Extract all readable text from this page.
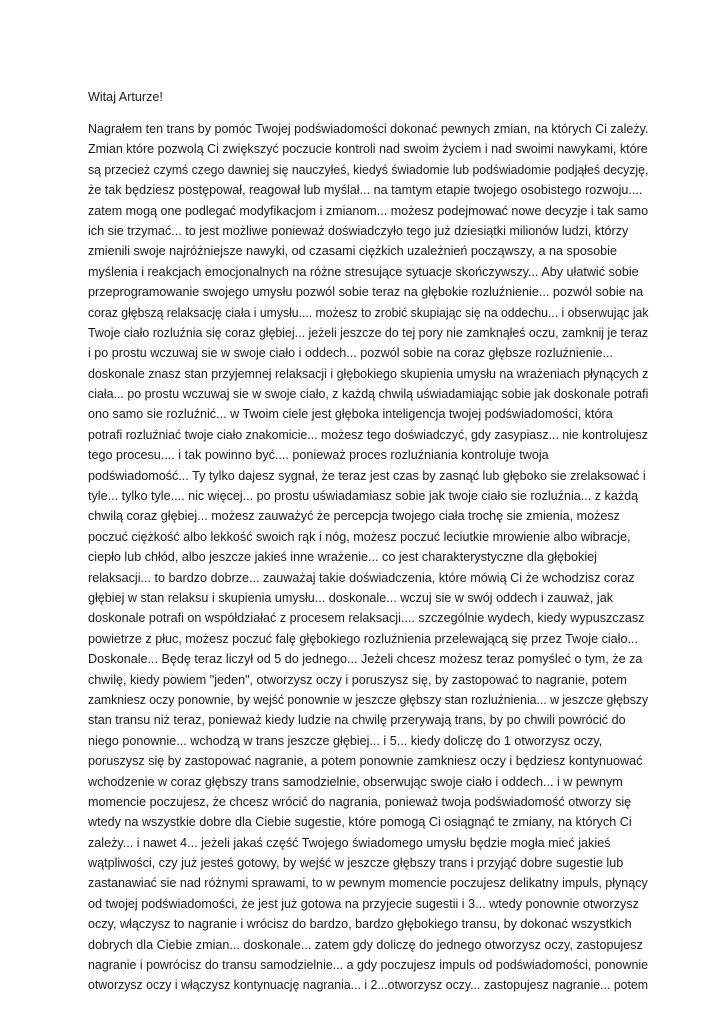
Witaj Arturze!
Nagrałem ten trans by pomóc Twojej podświadomości dokonać pewnych zmian, na których Ci zależy.
Zmian które pozwolą Ci zwiększyć poczucie kontroli nad swoim życiem i nad swoimi nawykami, które
są przecież czymś czego dawniej się nauczyłeś, kiedyś świadomie lub podświadomie podjąłeś decyzję,
że tak będziesz postępował, reagował lub myślał... na tamtym etapie twojego osobistego rozwoju....
zatem mogą one podlegać modyfikacjom i zmianom... możesz podejmować nowe decyzje i tak samo
ich sie trzymać... to jest możliwe ponieważ doświadczyło tego już dziesiątki milionów ludzi, którzy
zmienili swoje najróżniejsze nawyki, od czasami ciężkich uzależnień począwszy, a na sposobie
myślenia i reakcjach emocjonalnych na różne stresujące sytuacje skończywszy... Aby ułatwić sobie
przeprogramowanie swojego umysłu pozwól sobie teraz na głębokie rozluźnienie... pozwól sobie na
coraz głębszą relaksację ciała i umysłu.... możesz to zrobić skupiając się na oddechu... i obserwując jak
Twoje ciało rozluźnia się coraz głębiej... jeżeli jeszcze do tej pory nie zamknąłeś oczu, zamknij je teraz
i po prostu wczuwaj sie w swoje ciało i oddech... pozwól sobie na coraz głębsze rozluźnienie...
doskonale znasz stan przyjemnej relaksacji i głębokiego skupienia umysłu na wrażeniach płynących z
ciała... po prostu wczuwaj sie w swoje ciało, z każdą chwilą uświadamiając sobie jak doskonale potrafi
ono samo sie rozluźnić... w Twoim ciele jest głęboka inteligencja twojej podświadomości, która
potrafi rozluźniać twoje ciało znakomicie... możesz tego doświadczyć, gdy zasypiasz... nie kontrolujesz
tego procesu.... i tak powinno być.... ponieważ proces rozluźniania kontroluje twoja
podświadomość... Ty tylko dajesz sygnał, że teraz jest czas by zasnąć lub głęboko sie zrelaksować i
tyle... tylko tyle.... nic więcej... po prostu uświadamiasz sobie jak twoje ciało sie rozluźnia... z każdą
chwilą coraz głębiej... możesz zauważyć że percepcja twojego ciała trochę sie zmienia, możesz
poczuć ciężkość albo lekkość swoich rąk i nóg, możesz poczuć leciutkie mrowienie albo wibracje,
ciepło lub chłód, albo jeszcze jakieś inne wrażenie... co jest charakterystyczne dla głębokiej
relaksacji... to bardzo dobrze... zauważaj takie doświadczenia, które mówią Ci że wchodzisz coraz
głębiej w stan relaksu i skupienia umysłu... doskonale... wczuj sie w swój oddech i zauważ, jak
doskonale potrafi on współdziałać z procesem relaksacji.... szczególnie wydech, kiedy wypuszczasz
powietrze z płuc, możesz poczuć falę głębokiego rozluźnienia przelewającą się przez Twoje ciało...
Doskonale... Będę teraz liczył od 5 do jednego... Jeżeli chcesz możesz teraz pomyśleć o tym, że za
chwilę, kiedy powiem "jeden", otworzysz oczy i poruszysz się, by zastopować to nagranie, potem
zamkniesz oczy ponownie, by wejść ponownie w jeszcze głębszy stan rozluźnienia... w jeszcze głębszy
stan transu niż teraz, ponieważ kiedy ludzie na chwilę przerywają trans, by po chwili powrócić do
niego ponownie... wchodzą w trans jeszcze głębiej... i 5... kiedy doliczę do 1 otworzysz oczy,
poruszysz się by zastopować nagranie, a potem ponownie zamkniesz oczy i będziesz kontynuować
wchodzenie w coraz głębszy trans samodzielnie, obserwując swoje ciało i oddech... i w pewnym
momencie poczujesz, że chcesz wrócić do nagrania, ponieważ twoja podświadomość otworzy się
wtedy na wszystkie dobre dla Ciebie sugestie, które pomogą Ci osiągnąć te zmiany, na których Ci
zależy... i nawet 4... jeżeli jakaś część Twojego świadomego umysłu będzie mogła mieć jakieś
wątpliwości, czy już jesteś gotowy, by wejść w jeszcze głębszy trans i przyjąć dobre sugestie lub
zastanawiać sie nad różnymi sprawami, to w pewnym momencie poczujesz delikatny impuls, płynący
od twojej podświadomości, że jest już gotowa na przyjecie sugestii i 3... wtedy ponownie otworzysz
oczy, włączysz to nagranie i wrócisz do bardzo, bardzo głębokiego transu, by dokonać wszystkich
dobrych dla Ciebie zmian... doskonale... zatem gdy doliczę do jednego otworzysz oczy, zastopujesz
nagranie i powrócisz do transu samodzielnie... a gdy poczujesz impuls od podświadomości, ponownie
otworzysz oczy i włączysz kontynuację nagrania... i 2...otworzysz oczy... zastopujesz nagranie... potem
